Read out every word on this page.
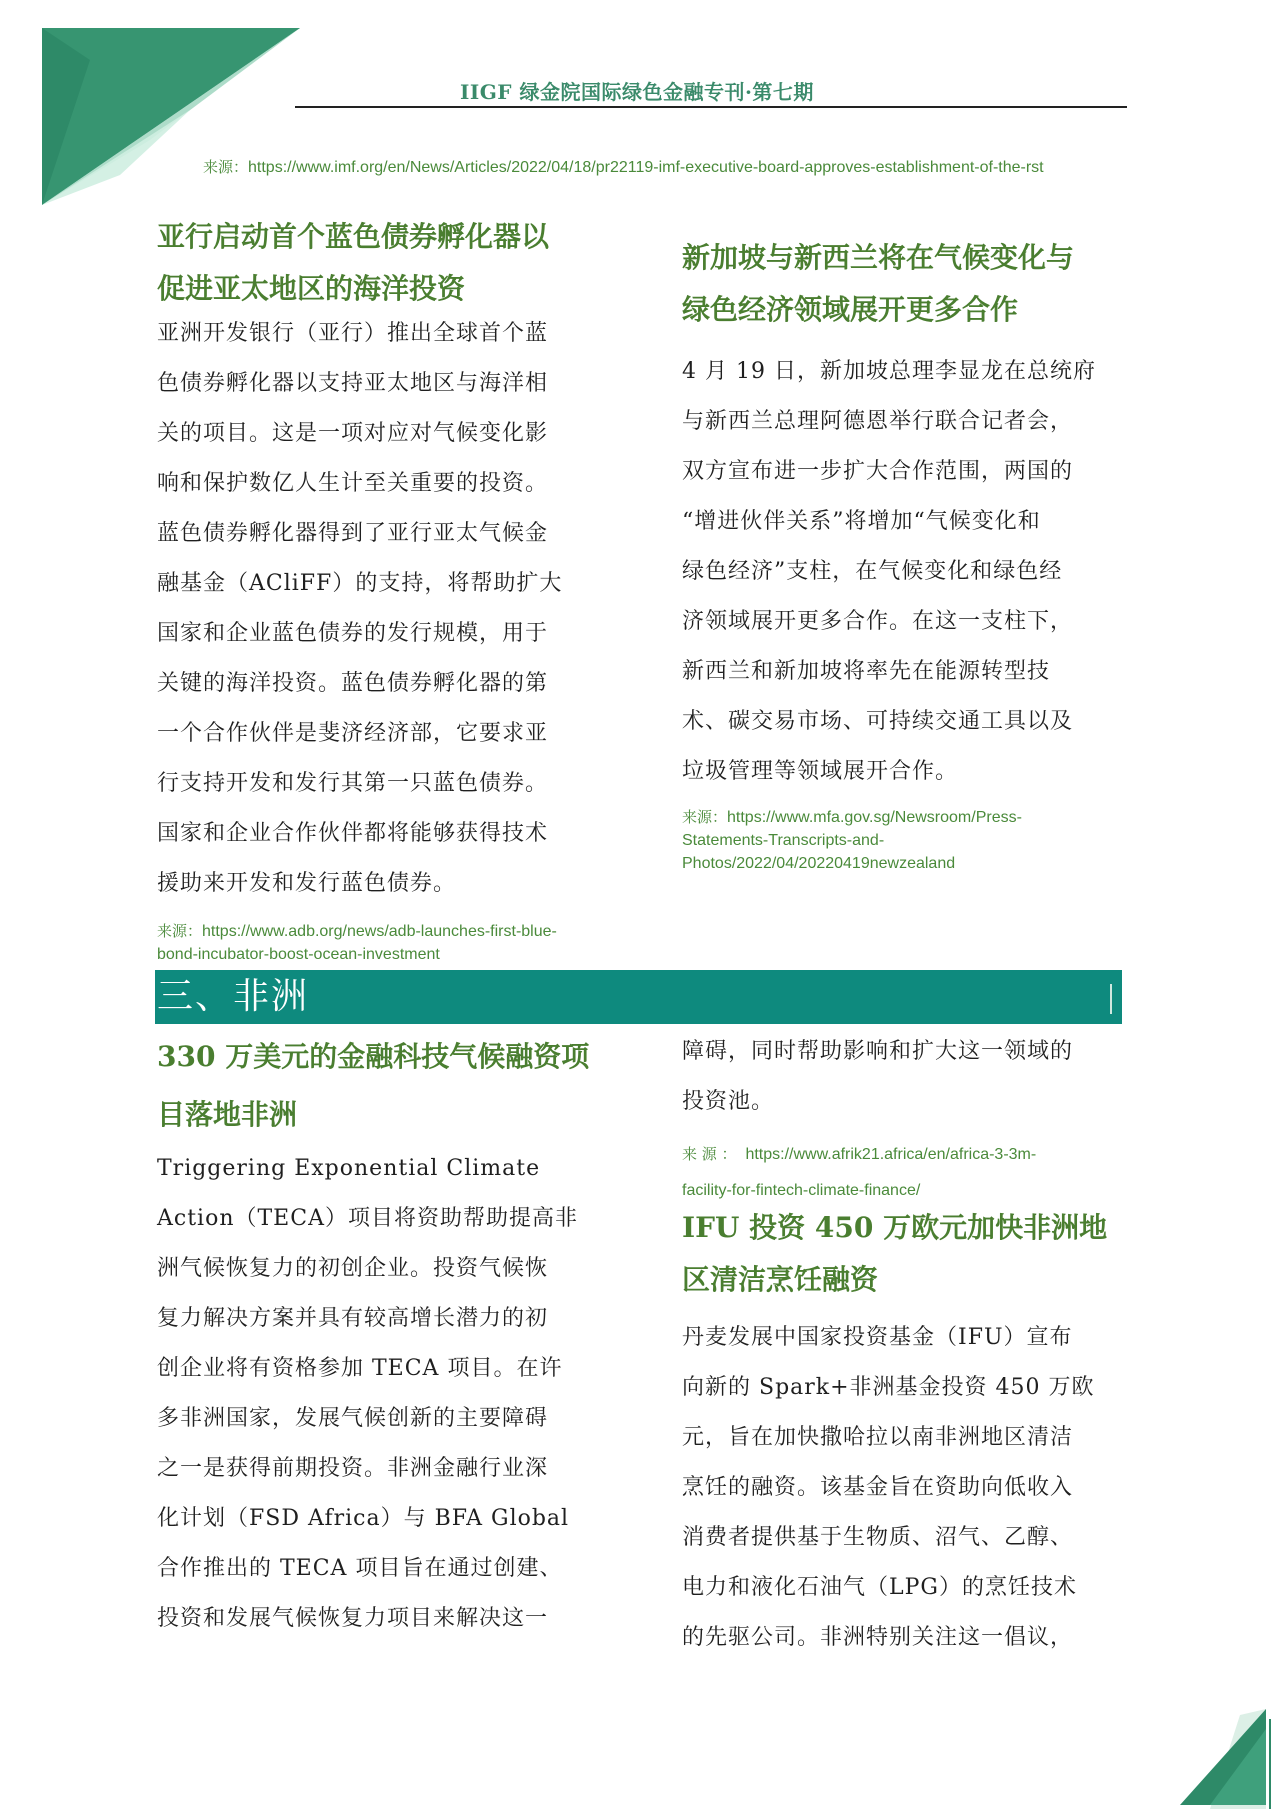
IIGF 绿金院国际绿色金融专刊·第七期
来源：https://www.imf.org/en/News/Articles/2022/04/18/pr22119-imf-executive-board-approves-establishment-of-the-rst
亚行启动首个蓝色债券孵化器以
促进亚太地区的海洋投资
亚洲开发银行（亚行）推出全球首个蓝
色债券孵化器以支持亚太地区与海洋相
关的项目。这是一项对应对气候变化影
响和保护数亿人生计至关重要的投资。
蓝色债券孵化器得到了亚行亚太气候金
融基金（ACliFF）的支持，将帮助扩大
国家和企业蓝色债券的发行规模，用于
关键的海洋投资。蓝色债券孵化器的第
一个合作伙伴是斐济经济部，它要求亚
行支持开发和发行其第一只蓝色债券。
国家和企业合作伙伴都将能够获得技术
援助来开发和发行蓝色债券。
来源：https://www.adb.org/news/adb-launches-first-blue-
bond-incubator-boost-ocean-investment
新加坡与新西兰将在气候变化与
绿色经济领域展开更多合作
4 月 19 日，新加坡总理李显龙在总统府
与新西兰总理阿德恩举行联合记者会，
双方宣布进一步扩大合作范围，两国的
“增进伙伴关系”将增加“气候变化和
绿色经济”支柱，在气候变化和绿色经
济领域展开更多合作。在这一支柱下，
新西兰和新加坡将率先在能源转型技
术、碳交易市场、可持续交通工具以及
垃圾管理等领域展开合作。
来源：https://www.mfa.gov.sg/Newsroom/Press-
Statements-Transcripts-and-
Photos/2022/04/20220419newzealand
三、非洲
330 万美元的金融科技气候融资项
目落地非洲
Triggering Exponential Climate
Action（TECA）项目将资助帮助提高非
洲气候恢复力的初创企业。投资气候恢
复力解决方案并具有较高增长潜力的初
创企业将有资格参加 TECA 项目。在许
多非洲国家，发展气候创新的主要障碍
之一是获得前期投资。非洲金融行业深
化计划（FSD Africa）与 BFA Global
合作推出的 TECA 项目旨在通过创建、
投资和发展气候恢复力项目来解决这一
障碍，同时帮助影响和扩大这一领域的
投资池。
来 源 ： https://www.afrik21.africa/en/africa-3-3m-
facility-for-fintech-climate-finance/
IFU 投资 450 万欧元加快非洲地
区清洁烹饪融资
丹麦发展中国家投资基金（IFU）宣布
向新的 Spark+非洲基金投资 450 万欧
元，旨在加快撒哈拉以南非洲地区清洁
烹饪的融资。该基金旨在资助向低收入
消费者提供基于生物质、沼气、乙醇、
电力和液化石油气（LPG）的烹饪技术
的先驱公司。非洲特别关注这一倡议，
